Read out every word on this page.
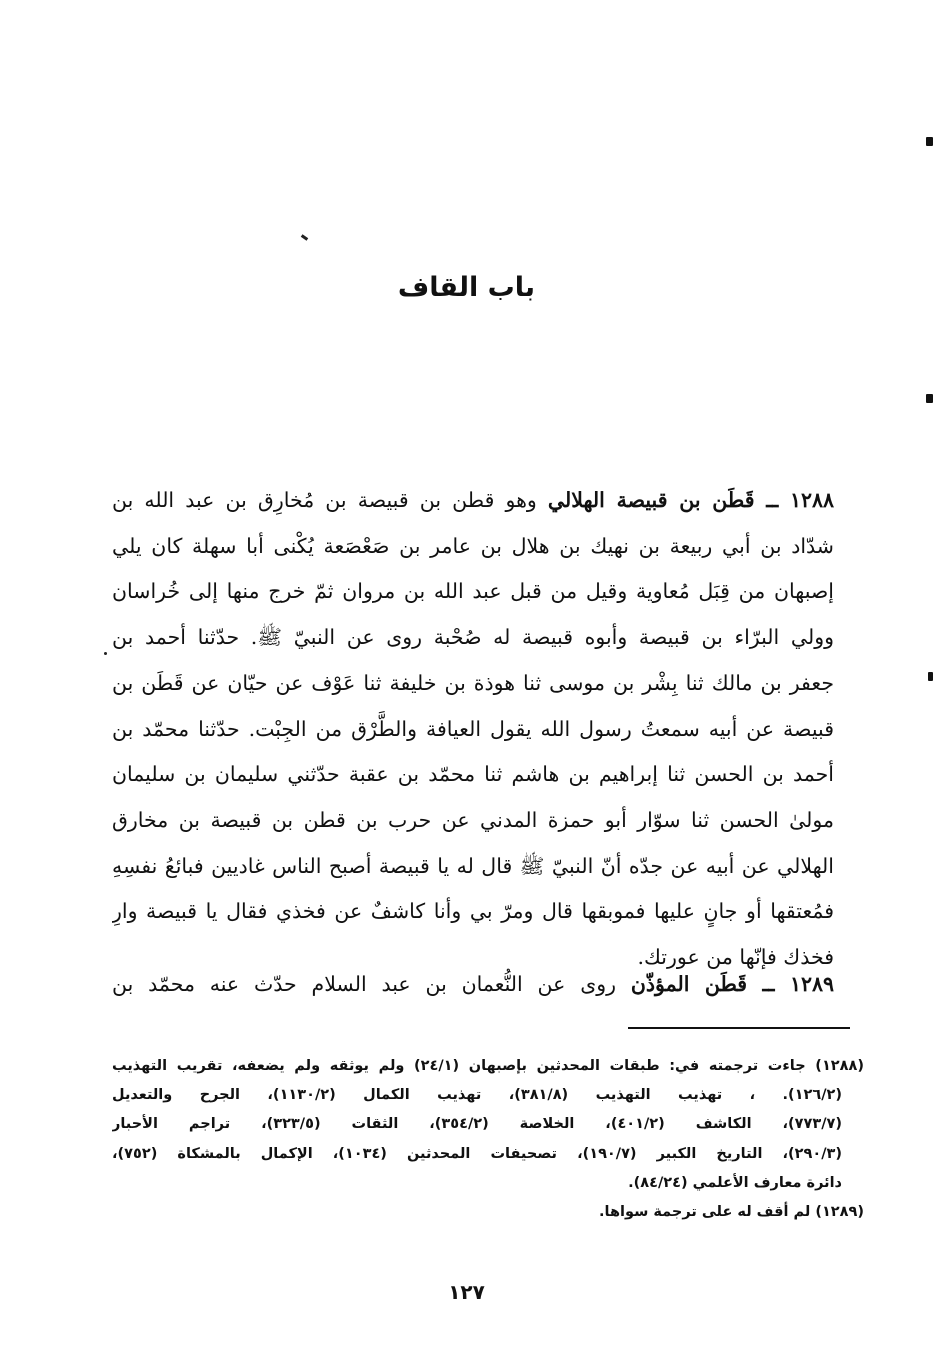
باب القاف
١٢٨٨ ــ قَطَن بن قبيصة الهلالي وهو قطن بن قبيصة بن مُخارِق بن عبد الله بن
شدّاد بن أبي ربيعة بن نهيك بن هلال بن عامر بن صَعْصَعة يُكْنى أبا سهلة كان يلي
إصبهان من قِبَل مُعاوية وقيل من قبل عبد الله بن مروان ثمّ خرج منها إلى خُراسان
وولي البرّاء بن قبيصة وأبوه قبيصة له صُحْبة روى عن النبيّ ﷺ. حدّثنا أحمد بن
جعفر بن مالك ثنا بِشْر بن موسى ثنا هوذة بن خليفة ثنا عَوْف عن حيّان عن قَطَن بن
قبيصة عن أبيه سمعتُ رسول الله يقول العيافة والطَّرْق من الجِبْت. حدّثنا محمّد بن
أحمد بن الحسن ثنا إبراهيم بن هاشم ثنا محمّد بن عقبة حدّثني سليمان بن سليمان
مولىٰ الحسن ثنا سوّار أبو حمزة المدني عن حرب بن قطن بن قبيصة بن مخارق
الهلالي عن أبيه عن جدّه أنّ النبيّ ﷺ قال له يا قبيصة أصبح الناس غاديين فبائعُ نفسِهِ
فمُعتقها أو جانٍ عليها فموبقها قال ومرّ بي وأنا كاشفٌ عن فخذي فقال يا قبيصة وارِ
فخذك فإنّها من عورتك.
١٢٨٩ ــ قَطَن المؤذّن روى عن النُّعمان بن عبد السلام حدّث عنه محمّد بن
(١٢٨٨) جاءت ترجمته في: طبقات المحدثين بإصبهان (٢٤/١) ولم يوثقه ولم يضعفه، تقريب التهذيب
(١٢٦/٢). ، تهذيب التهذيب (٣٨١/٨)، تهذيب الكمال (١١٣٠/٢)، الجرح والتعديل
(٧٧٣/٧)، الكاشف (٤٠١/٢)، الخلاصة (٣٥٤/٢)، الثقات (٣٢٣/٥)، تراجم الأحبار
(٢٩٠/٣)، التاريخ الكبير (١٩٠/٧)، تصحيفات المحدثين (١٠٣٤)، الإكمال بالمشكاة (٧٥٢)،
دائرة معارف الأعلمي (٨٤/٢٤).
(١٢٨٩) لم أقف له على ترجمة سواها.
١٢٧
